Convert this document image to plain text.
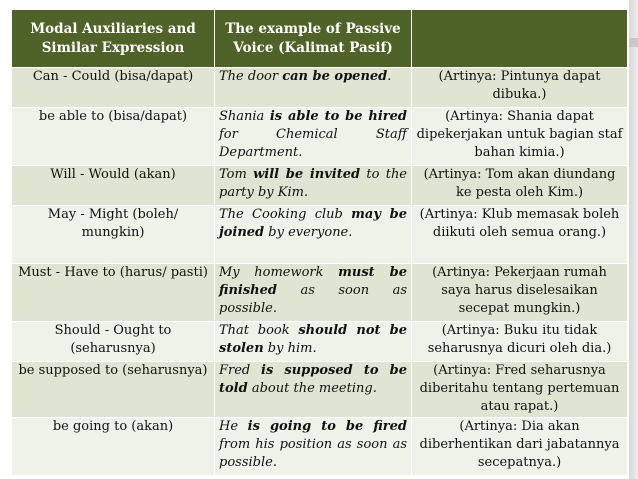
Modal Auxiliaries and Similar Expression	The example of Passive Voice (Kalimat Pasif)	
Can - Could (bisa/dapat)	The door can be opened.	(Artinya: Pintunya dapat dibuka.)
be able to (bisa/dapat)	Shania is able to be hired for Chemical Staff Department.	(Artinya: Shania dapat dipekerjakan untuk bagian staf bahan kimia.)
Will - Would (akan)	Tom will be invited to the party by Kim.	(Artinya: Tom akan diundang ke pesta oleh Kim.)
May - Might (boleh/ mungkin)	The Cooking club may be joined by everyone.	(Artinya: Klub memasak boleh diikuti oleh semua orang.)
Must - Have to (harus/ pasti)	My homework must be finished as soon as possible.	(Artinya: Pekerjaan rumah saya harus diselesaikan secepat mungkin.)
Should - Ought to (seharusnya)	That book should not be stolen by him.	(Artinya: Buku itu tidak seharusnya dicuri oleh dia.)
be supposed to (seharusnya)	Fred is supposed to be told about the meeting.	(Artinya: Fred seharusnya diberitahu tentang pertemuan atau rapat.)
be going to (akan)	He is going to be fired from his position as soon as possible.	(Artinya: Dia akan diberhentikan dari jabatannya secepatnya.)
